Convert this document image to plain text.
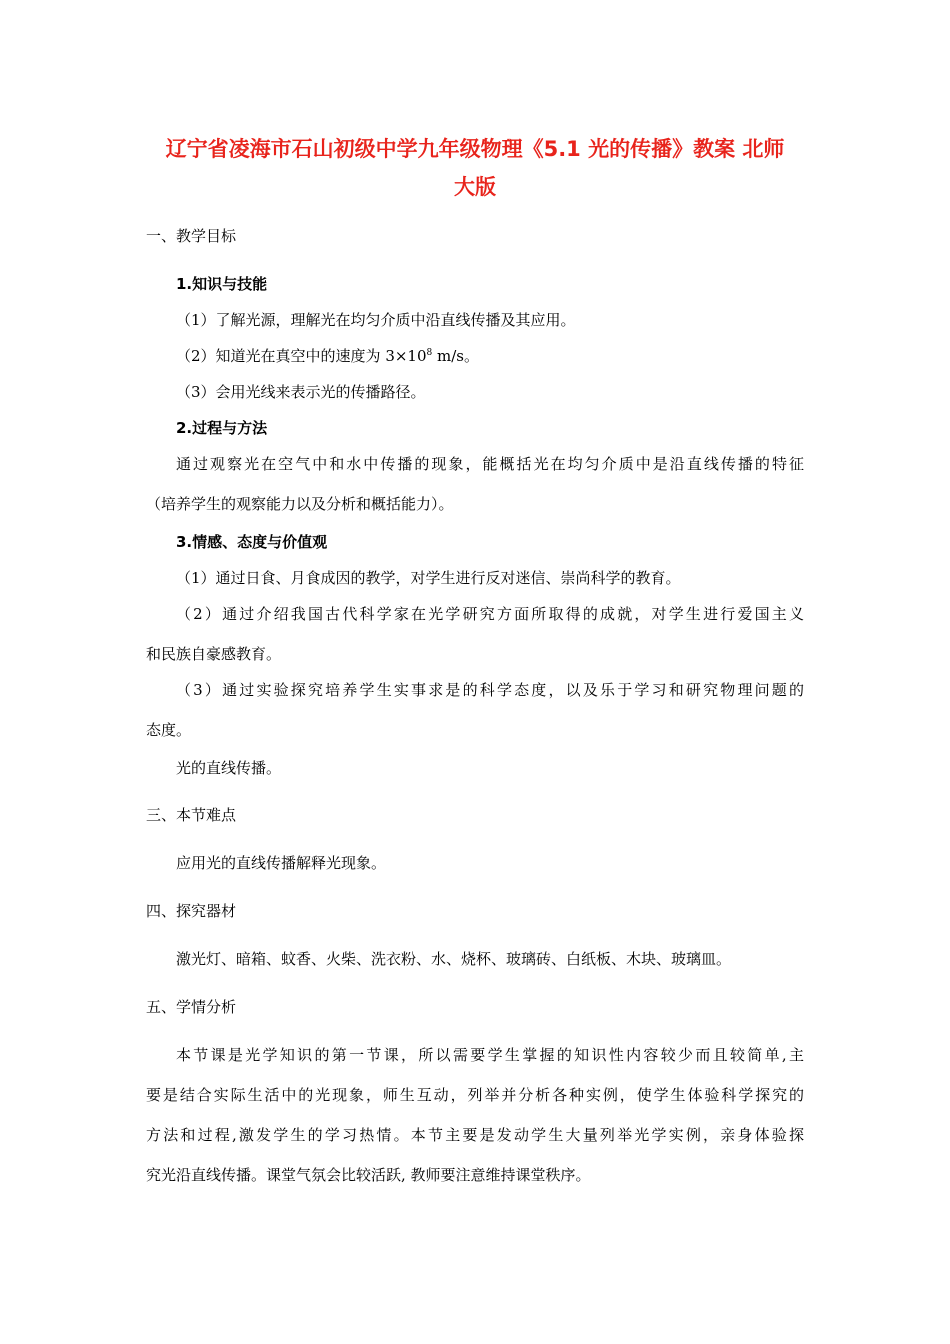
辽宁省凌海市石山初级中学九年级物理《5.1 光的传播》教案 北师
大版

一、教学目标

1.知识与技能

（1）了解光源，理解光在均匀介质中沿直线传播及其应用。

（2）知道光在真空中的速度为 $3\times 10^8$ m/s。

（3）会用光线来表示光的传播路径。

2.过程与方法

通过观察光在空气中和水中传播的现象，能概括光在均匀介质中是沿直线传播的特征

（培养学生的观察能力以及分析和概括能力）。

3.情感、态度与价值观

（1）通过日食、月食成因的教学，对学生进行反对迷信、崇尚科学的教育。

（2）通过介绍我国古代科学家在光学研究方面所取得的成就，对学生进行爱国主义

和民族自豪感教育。

（3）通过实验探究培养学生实事求是的科学态度，以及乐于学习和研究物理问题的

态度。

光的直线传播。

三、本节难点

应用光的直线传播解释光现象。

四、探究器材

激光灯、暗箱、蚊香、火柴、洗衣粉、水、烧杯、玻璃砖、白纸板、木块、玻璃皿。

五、学情分析

本节课是光学知识的第一节课，所以需要学生掌握的知识性内容较少而且较简单,主

要是结合实际生活中的光现象，师生互动，列举并分析各种实例，使学生体验科学探究的

方法和过程,激发学生的学习热情。本节主要是发动学生大量列举光学实例，亲身体验探

究光沿直线传播。课堂气氛会比较活跃, 教师要注意维持课堂秩序。
